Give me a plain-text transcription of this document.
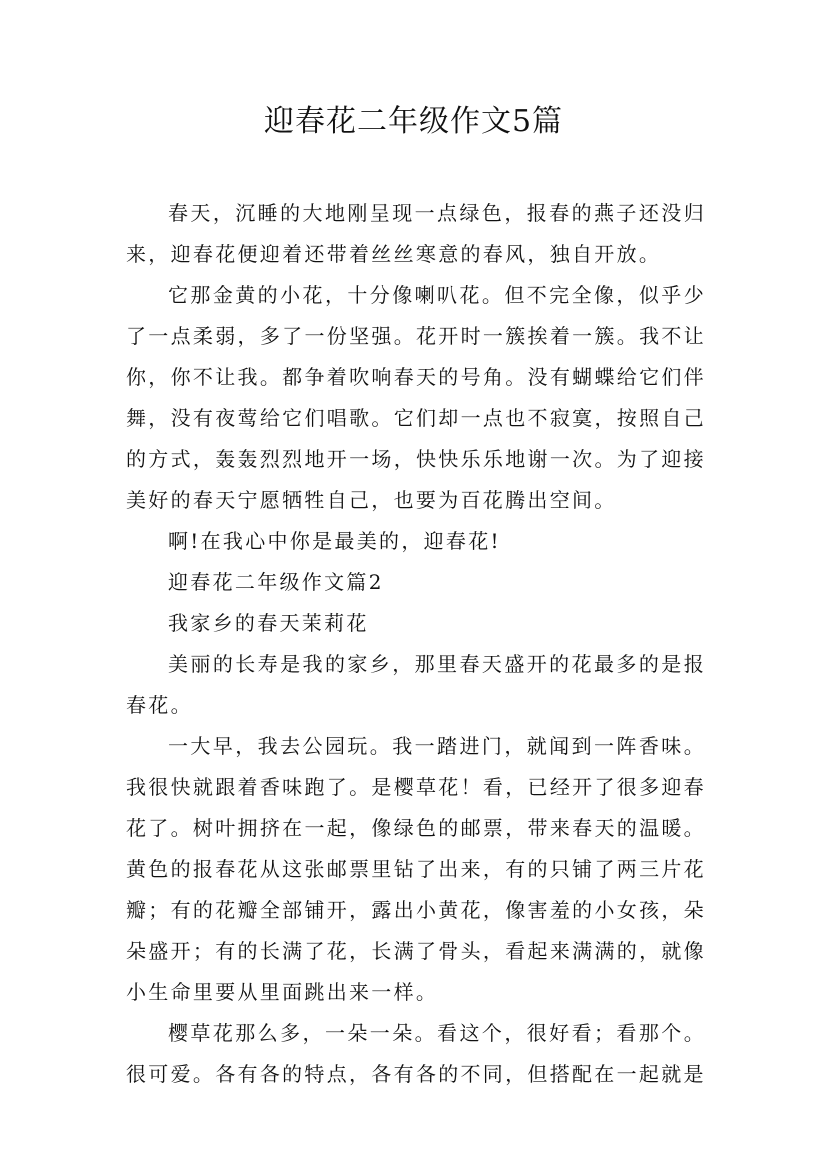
迎春花二年级作文5篇

春天，沉睡的大地刚呈现一点绿色，报春的燕子还没归来，迎春花便迎着还带着丝丝寒意的春风，独自开放。

它那金黄的小花，十分像喇叭花。但不完全像，似乎少了一点柔弱，多了一份坚强。花开时一簇挨着一簇。我不让你，你不让我。都争着吹响春天的号角。没有蝴蝶给它们伴舞，没有夜莺给它们唱歌。它们却一点也不寂寞，按照自己的方式，轰轰烈烈地开一场，快快乐乐地谢一次。为了迎接美好的春天宁愿牺牲自己，也要为百花腾出空间。

啊!在我心中你是最美的，迎春花!

迎春花二年级作文篇2

我家乡的春天茉莉花

美丽的长寿是我的家乡，那里春天盛开的花最多的是报春花。

一大早，我去公园玩。我一踏进门，就闻到一阵香味。我很快就跟着香味跑了。是樱草花！看，已经开了很多迎春花了。树叶拥挤在一起，像绿色的邮票，带来春天的温暖。黄色的报春花从这张邮票里钻了出来，有的只铺了两三片花瓣；有的花瓣全部铺开，露出小黄花，像害羞的小女孩，朵朵盛开；有的长满了花，长满了骨头，看起来满满的，就像小生命里要从里面跳出来一样。

樱草花那么多，一朵一朵。看这个，很好看；看那个。很可爱。各有各的特点，各有各的不同，但搭配在一起就是
